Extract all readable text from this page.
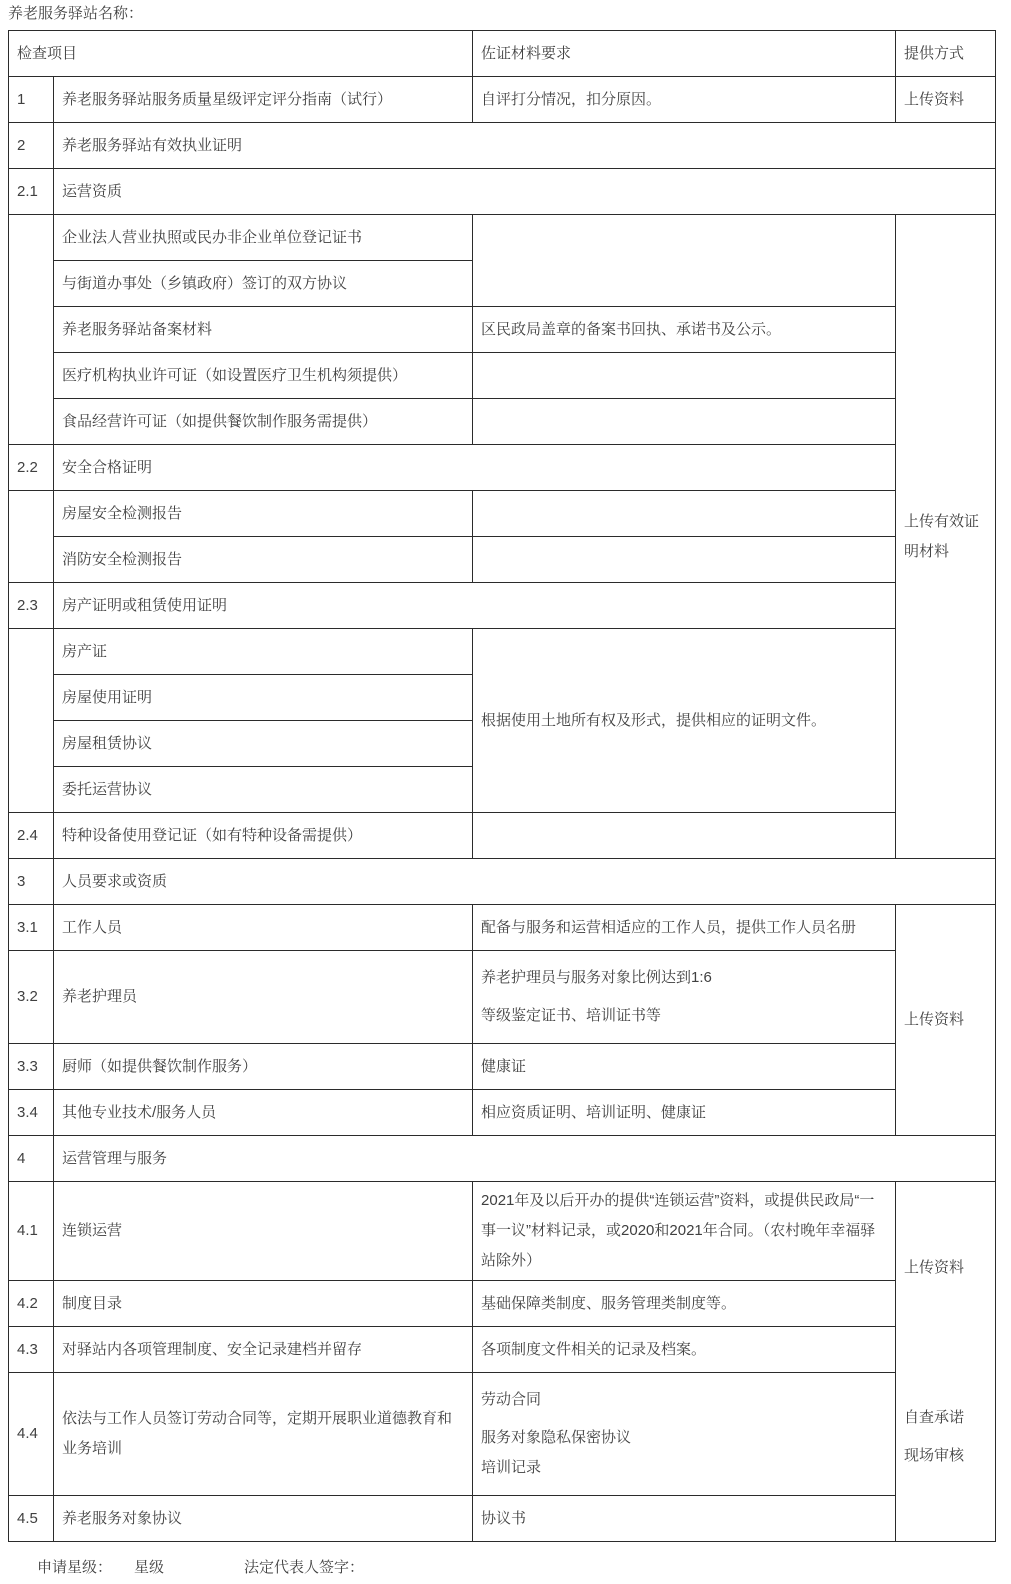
养老服务驿站名称：
检查项目		佐证材料要求	提供方式
1	养老服务驿站服务质量星级评定评分指南（试行）	自评打分情况，扣分原因。	上传资料
2	养老服务驿站有效执业证明		
2.1	运营资质		
	企业法人营业执照或民办非企业单位登记证书		上传有效证明材料
	与街道办事处（乡镇政府）签订的双方协议		
	养老服务驿站备案材料	区民政局盖章的备案书回执、承诺书及公示。	
	医疗机构执业许可证（如设置医疗卫生机构须提供）		
	食品经营许可证（如提供餐饮制作服务需提供）		
2.2	安全合格证明		
	房屋安全检测报告		
	消防安全检测报告		
2.3	房产证明或租赁使用证明		
	房产证	根据使用土地所有权及形式，提供相应的证明文件。	
	房屋使用证明		
	房屋租赁协议		
	委托运营协议		
2.4	特种设备使用登记证（如有特种设备需提供）		
3	人员要求或资质		
3.1	工作人员	配备与服务和运营相适应的工作人员，提供工作人员名册	上传资料
3.2	养老护理员	养老护理员与服务对象比例达到1:6

等级鉴定证书、培训证书等	

3.3	厨师（如提供餐饮制作服务）	健康证	
3.4	其他专业技术/服务人员	相应资质证明、培训证明、健康证	
4	运营管理与服务		
4.1	连锁运营	2021年及以后开办的提供“连锁运营”资料，或提供民政局“一事一议”材料记录，或2020和2021年合同。（农村晚年幸福驿站除外）	上传资料

自查承诺

现场审核

4.2	制度目录	基础保障类制度、服务管理类制度等。	
4.3	对驿站内各项管理制度、安全记录建档并留存	各项制度文件相关的记录及档案。	
4.4	依法与工作人员签订劳动合同等，定期开展职业道德教育和业务培训	劳动合同

服务对象隐私保密协议
培训记录	

4.5	养老服务对象协议	协议书	
申请星级： 星级	法定代表人签字：
